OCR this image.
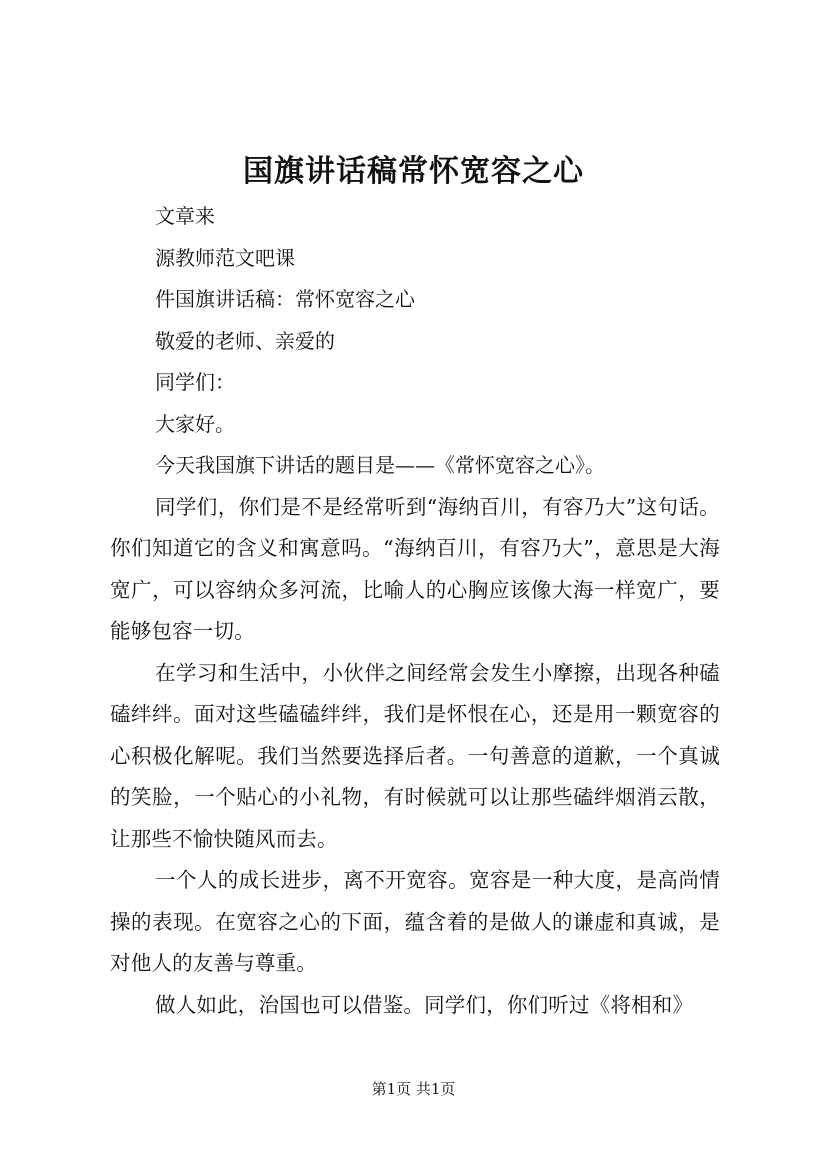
国旗讲话稿常怀宽容之心

文章来

源教师范文吧课

件国旗讲话稿：常怀宽容之心

敬爱的老师、亲爱的

同学们：

大家好。

今天我国旗下讲话的题目是——《常怀宽容之心》。

同学们，你们是不是经常听到“海纳百川，有容乃大”这句话。你们知道它的含义和寓意吗。“海纳百川，有容乃大”，意思是大海宽广，可以容纳众多河流，比喻人的心胸应该像大海一样宽广，要能够包容一切。

在学习和生活中，小伙伴之间经常会发生小摩擦，出现各种磕磕绊绊。面对这些磕磕绊绊，我们是怀恨在心，还是用一颗宽容的心积极化解呢。我们当然要选择后者。一句善意的道歉，一个真诚的笑脸，一个贴心的小礼物，有时候就可以让那些磕绊烟消云散，让那些不愉快随风而去。

一个人的成长进步，离不开宽容。宽容是一种大度，是高尚情操的表现。在宽容之心的下面，蕴含着的是做人的谦虚和真诚，是对他人的友善与尊重。

做人如此，治国也可以借鉴。同学们，你们听过《将相和》

第1页 共1页
